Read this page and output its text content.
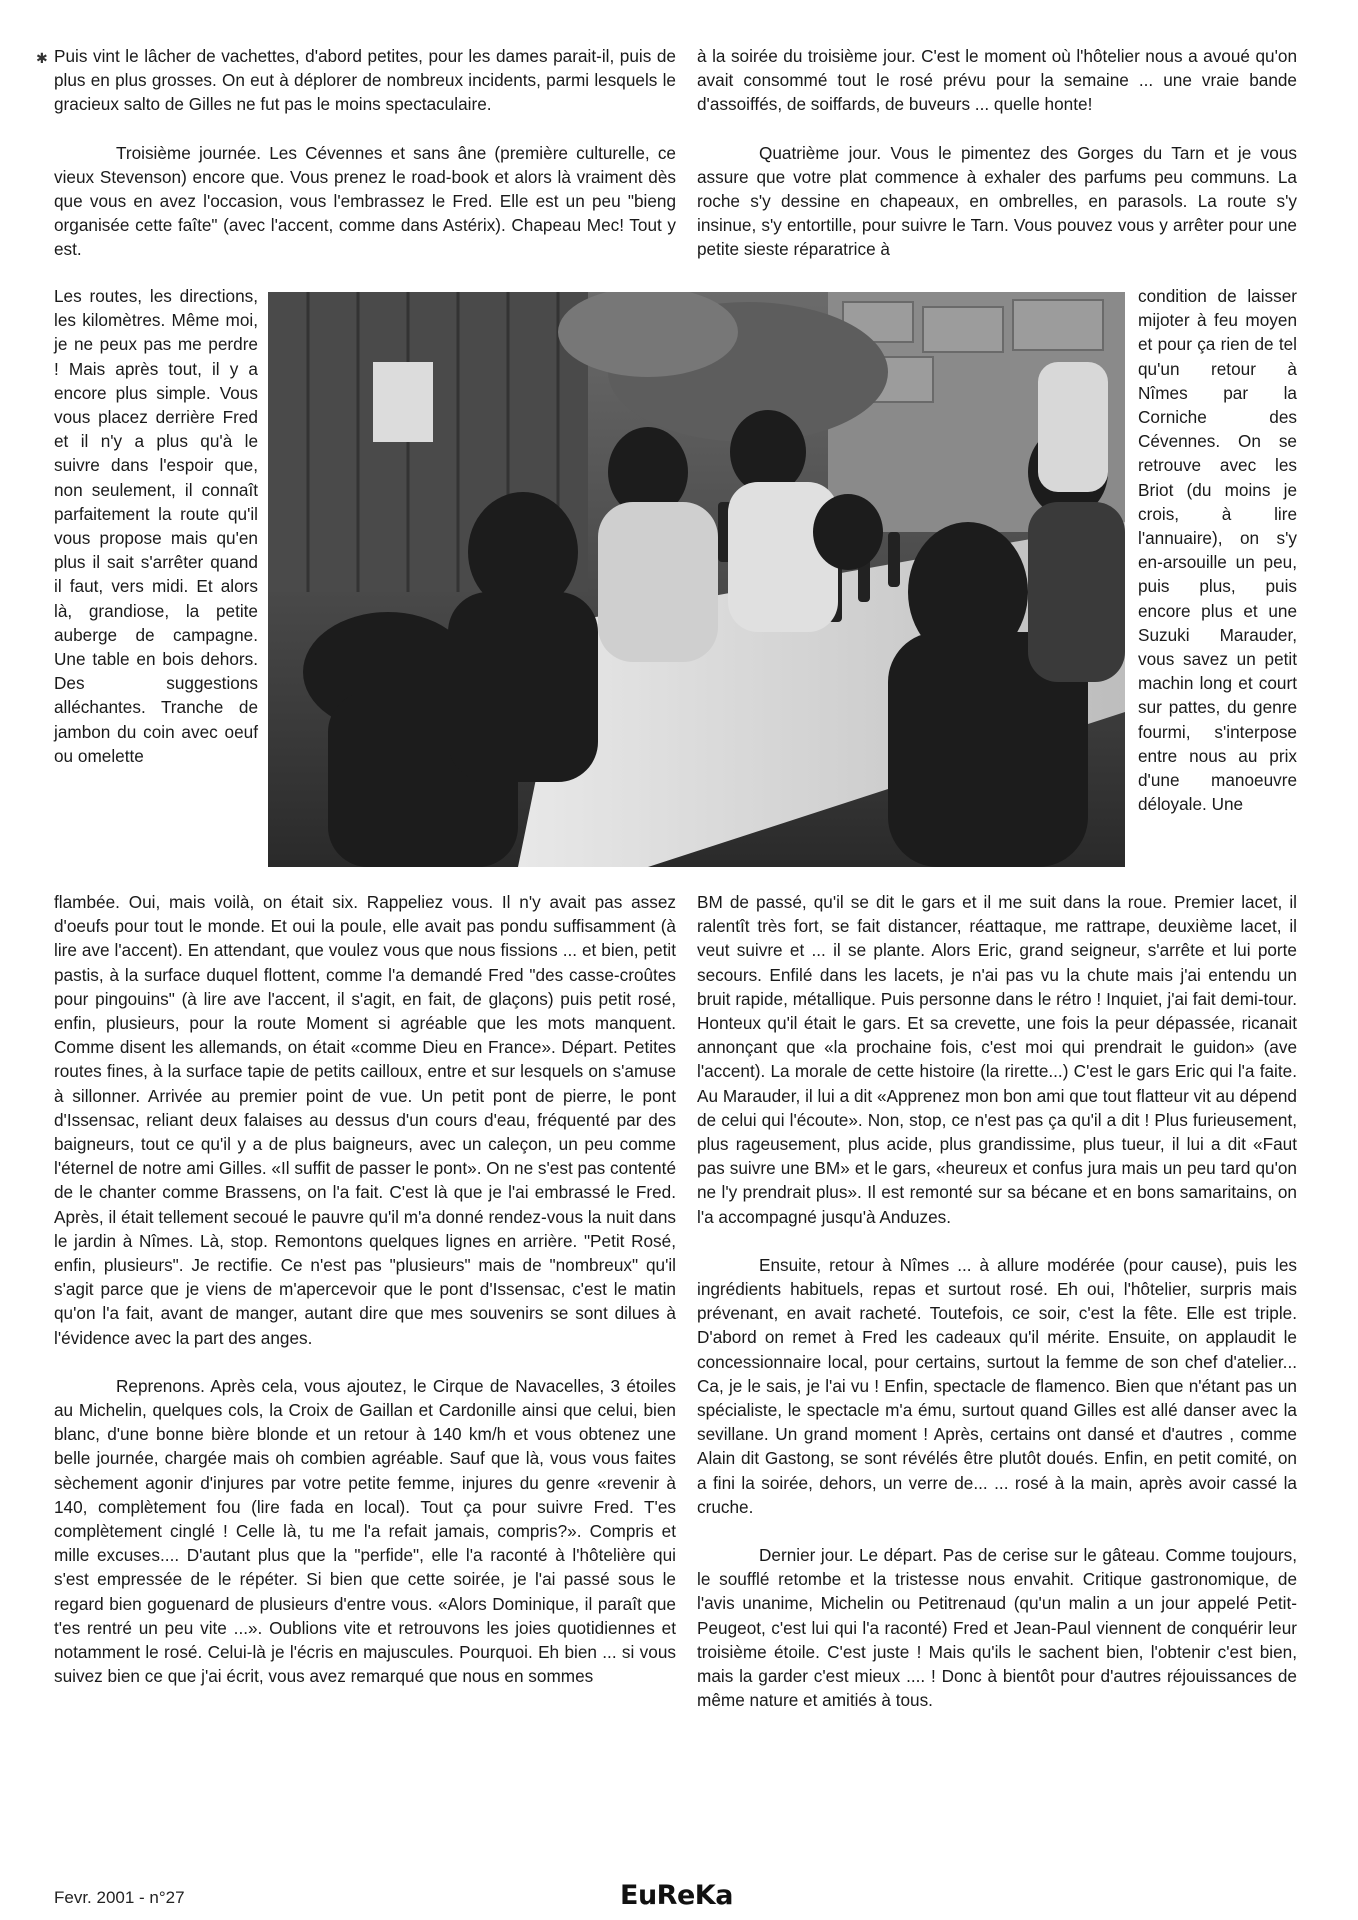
✱ Puis vint le lâcher de vachettes, d'abord petites, pour les dames parait-il, puis de plus en plus grosses. On eut à déplorer de nombreux incidents, parmi lesquels le gracieux salto de Gilles ne fut pas le moins spectaculaire.

Troisième journée. Les Cévennes et sans âne (première culturelle, ce vieux Stevenson) encore que. Vous prenez le road-book et alors là vraiment dès que vous en avez l'occasion, vous l'embrassez le Fred. Elle est un peu "bieng organisée cette faîte" (avec l'accent, comme dans Astérix). Chapeau Mec! Tout y est.

Les routes, les directions, les kilomètres. Même moi, je ne peux pas me perdre ! Mais après tout, il y a encore plus simple. Vous vous placez derrière Fred et il n'y a plus qu'à le suivre dans l'espoir que, non seulement, il connaît parfaitement la route qu'il vous propose mais qu'en plus il sait s'arrêter quand il faut, vers midi. Et alors là, grandiose, la petite auberge de campagne. Une table en bois dehors. Des suggestions alléchantes. Tranche de jambon du coin avec oeuf ou omelette

à la soirée du troisième jour. C'est le moment où l'hôtelier nous a avoué qu'on avait consommé tout le rosé prévu pour la semaine ... une vraie bande d'assoiffés, de soiffards, de buveurs ... quelle honte!

Quatrième jour. Vous le pimentez des Gorges du Tarn et je vous assure que votre plat commence à exhaler des parfums peu communs. La roche s'y dessine en chapeaux, en ombrelles, en parasols. La route s'y insinue, s'y entortille, pour suivre le Tarn. Vous pouvez vous y arrêter pour une petite sieste réparatrice à

condition de laisser mijoter à feu moyen et pour ça rien de tel qu'un retour à Nîmes par la Corniche des Cévennes. On se retrouve avec les Briot (du moins je crois, à lire l'annuaire), on s'y en-arsouille un peu, puis plus, puis encore plus et une Suzuki Marauder, vous savez un petit machin long et court sur pattes, du genre fourmi, s'interpose entre nous au prix d'une manoeuvre déloyale. Une

flambée. Oui, mais voilà, on était six. Rappeliez vous. Il n'y avait pas assez d'oeufs pour tout le monde. Et oui la poule, elle avait pas pondu suffisamment (à lire ave l'accent). En attendant, que voulez vous que nous fissions ... et bien, petit pastis, à la surface duquel flottent, comme l'a demandé Fred "des casse-croûtes pour pingouins" (à lire ave l'accent, il s'agit, en fait, de glaçons) puis petit rosé, enfin, plusieurs, pour la route Moment si agréable que les mots manquent. Comme disent les allemands, on était «comme Dieu en France». Départ. Petites routes fines, à la surface tapie de petits cailloux, entre et sur lesquels on s'amuse à sillonner. Arrivée au premier point de vue. Un petit pont de pierre, le pont d'Issensac, reliant deux falaises au dessus d'un cours d'eau, fréquenté par des baigneurs, tout ce qu'il y a de plus baigneurs, avec un caleçon, un peu comme l'éternel de notre ami Gilles. «Il suffit de passer le pont». On ne s'est pas contenté de le chanter comme Brassens, on l'a fait. C'est là que je l'ai embrassé le Fred. Après, il était tellement secoué le pauvre qu'il m'a donné rendez-vous la nuit dans le jardin à Nîmes. Là, stop. Remontons quelques lignes en arrière. "Petit Rosé, enfin, plusieurs". Je rectifie. Ce n'est pas "plusieurs" mais de "nombreux" qu'il s'agit parce que je viens de m'apercevoir que le pont d'Issensac, c'est le matin qu'on l'a fait, avant de manger, autant dire que mes souvenirs se sont dilues à l'évidence avec la part des anges.

Reprenons. Après cela, vous ajoutez, le Cirque de Navacelles, 3 étoiles au Michelin, quelques cols, la Croix de Gaillan et Cardonille ainsi que celui, bien blanc, d'une bonne bière blonde et un retour à 140 km/h et vous obtenez une belle journée, chargée mais oh combien agréable. Sauf que là, vous vous faites sèchement agonir d'injures par votre petite femme, injures du genre «revenir à 140, complètement fou (lire fada en local). Tout ça pour suivre Fred. T'es complètement cinglé ! Celle là, tu me l'a refait jamais, compris?». Compris et mille excuses.... D'autant plus que la "perfide", elle l'a raconté à l'hôtelière qui s'est empressée de le répéter. Si bien que cette soirée, je l'ai passé sous le regard bien goguenard de plusieurs d'entre vous. «Alors Dominique, il paraît que t'es rentré un peu vite ...». Oublions vite et retrouvons les joies quotidiennes et notamment le rosé. Celui-là je l'écris en majuscules. Pourquoi. Eh bien ... si vous suivez bien ce que j'ai écrit, vous avez remarqué que nous en sommes

BM de passé, qu'il se dit le gars et il me suit dans la roue. Premier lacet, il ralentît très fort, se fait distancer, réattaque, me rattrape, deuxième lacet, il veut suivre et ... il se plante. Alors Eric, grand seigneur, s'arrête et lui porte secours. Enfilé dans les lacets, je n'ai pas vu la chute mais j'ai entendu un bruit rapide, métallique. Puis personne dans le rétro ! Inquiet, j'ai fait demi-tour. Honteux qu'il était le gars. Et sa crevette, une fois la peur dépassée, ricanait annonçant que «la prochaine fois, c'est moi qui prendrait le guidon» (ave l'accent). La morale de cette histoire (la rirette...) C'est le gars Eric qui l'a faite. Au Marauder, il lui a dit «Apprenez mon bon ami que tout flatteur vit au dépend de celui qui l'écoute». Non, stop, ce n'est pas ça qu'il a dit ! Plus furieusement, plus rageusement, plus acide, plus grandissime, plus tueur, il lui a dit «Faut pas suivre une BM» et le gars, «heureux et confus jura mais un peu tard qu'on ne l'y prendrait plus». Il est remonté sur sa bécane et en bons samaritains, on l'a accompagné jusqu'à Anduzes.

Ensuite, retour à Nîmes ... à allure modérée (pour cause), puis les ingrédients habituels, repas et surtout rosé. Eh oui, l'hôtelier, surpris mais prévenant, en avait racheté. Toutefois, ce soir, c'est la fête. Elle est triple. D'abord on remet à Fred les cadeaux qu'il mérite. Ensuite, on applaudit le concessionnaire local, pour certains, surtout la femme de son chef d'atelier... Ca, je le sais, je l'ai vu ! Enfin, spectacle de flamenco. Bien que n'étant pas un spécialiste, le spectacle m'a ému, surtout quand Gilles est allé danser avec la sevillane. Un grand moment ! Après, certains ont dansé et d'autres , comme Alain dit Gastong, se sont révélés être plutôt doués. Enfin, en petit comité, on a fini la soirée, dehors, un verre de... ... rosé à la main, après avoir cassé la cruche.

Dernier jour. Le départ. Pas de cerise sur le gâteau. Comme toujours, le soufflé retombe et la tristesse nous envahit. Critique gastronomique, de l'avis unanime, Michelin ou Petitrenaud (qu'un malin a un jour appelé Petit-Peugeot, c'est lui qui l'a raconté) Fred et Jean-Paul viennent de conquérir leur troisième étoile. C'est juste ! Mais qu'ils le sachent bien, l'obtenir c'est bien, mais la garder c'est mieux .... ! Donc à bientôt pour d'autres réjouissances de même nature et amitiés à tous.

Fevr. 2001 - n°27	EuReKa
